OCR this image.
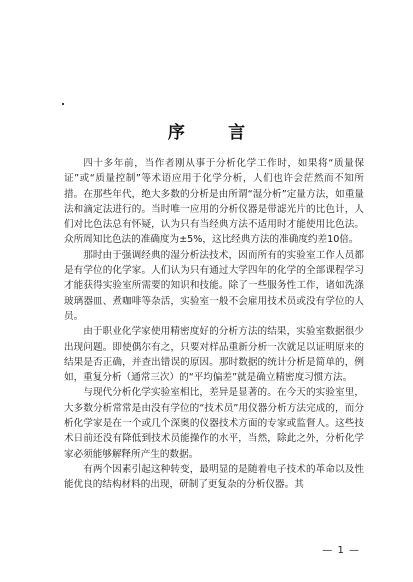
序 言

四十多年前，当作者刚从事于分析化学工作时，如果将“质量保证”或“质量控制”等术语应用于化学分析，人们也许会茫然而不知所措。在那些年代，绝大多数的分析是由所谓“湿分析”定量方法，如重量法和滴定法进行的。当时唯一应用的分析仪器是带滤光片的比色计，人们对比色法总有怀疑，认为只有当经典方法不适用时才能使用比色法。众所周知比色法的准确度为±5%，这比经典方法的准确度约差10倍。

那时由于强调经典的湿分析法技术，因而所有的实验室工作人员都是有学位的化学家。人们认为只有通过大学四年的化学的全部课程学习才能获得实验室所需要的知识和技能。除了一些服务性工作，诸如洗涤玻璃器皿、煮咖啡等杂活，实验室一般不会雇用技术员或没有学位的人员。

由于职业化学家使用精密度好的分析方法的结果，实验室数据很少出现问题。即使偶尔有之，只要对样品重新分析一次就足以证明原来的结果是否正确，并查出错误的原因。那时数据的统计分析是简单的，例如，重复分析（通常三次）的“平均偏差”就是确立精密度习惯方法。

与现代分析化学实验室相比，差异是显著的。在今天的实验室里，大多数分析常常是由没有学位的“技术员”用仪器分析方法完成的，而分析化学家是在一个或几个深奥的仪器技术方面的专家或监督人。这些技术日前还没有降低到技术员能操作的水平，当然，除此之外，分析化学家必须能够解释所产生的数据。

有两个因素引起这种转变，最明显的是随着电子技术的革命以及性能优良的结构材料的出现，研制了更复杂的分析仪器。其

— 1 —
